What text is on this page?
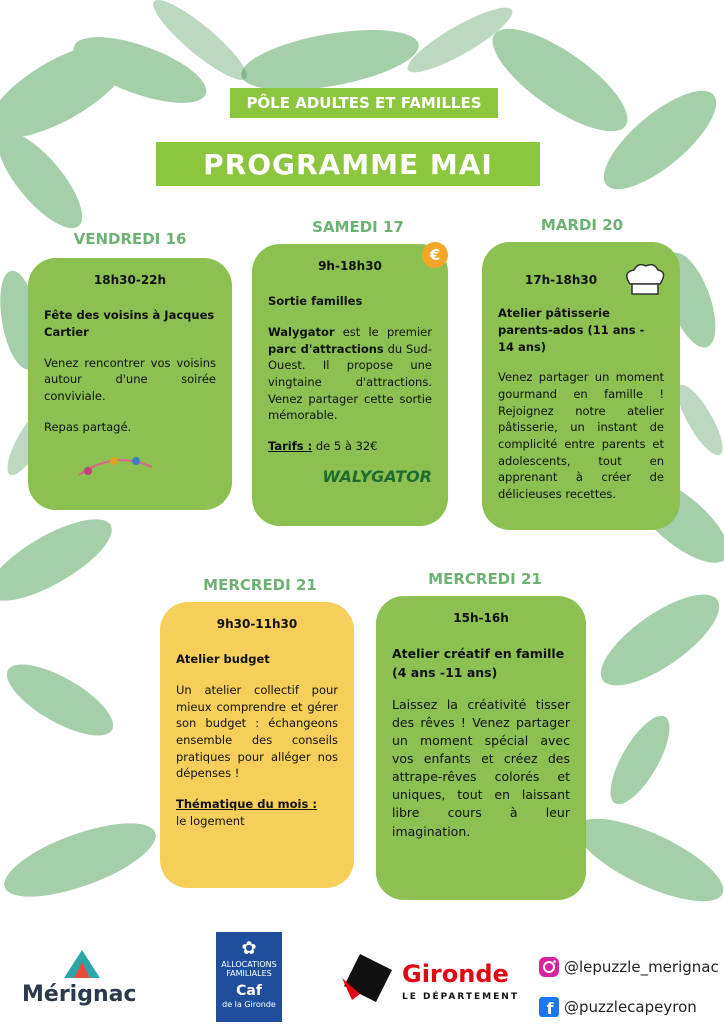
PÔLE ADULTES ET FAMILLES
PROGRAMME MAI
VENDREDI 16
18h30-22h
Fête des voisins à Jacques Cartier
Venez rencontrer vos voisins autour d'une soirée conviviale.
Repas partagé.
SAMEDI 17
9h-18h30
Sortie familles
Walygator est le premier parc d'attractions du Sud-Ouest. Il propose une vingtaine d'attractions. Venez partager cette sortie mémorable.
Tarifs : de 5 à 32€
WALYGATOR
€
MARDI 20
17h-18h30
Atelier pâtisserie parents-ados (11 ans - 14 ans)
Venez partager un moment gourmand en famille ! Rejoignez notre atelier pâtisserie, un instant de complicité entre parents et adolescents, tout en apprenant à créer de délicieuses recettes.
MERCREDI 21
9h30-11h30
Atelier budget
Un atelier collectif pour mieux comprendre et gérer son budget : échangeons ensemble des conseils pratiques pour alléger nos dépenses !
Thématique du mois :
le logement
MERCREDI 21
15h-16h
Atelier créatif en famille (4 ans -11 ans)
Laissez la créativité tisser des rêves ! Venez partager un moment spécial avec vos enfants et créez des attrape-rêves colorés et uniques, tout en laissant libre cours à leur imagination.
Mérignac
✿
ALLOCATIONS
FAMILIALES
Caf
de la Gironde
Gironde
LE DÉPARTEMENT
@lepuzzle_merignac
f @puzzlecapeyron
